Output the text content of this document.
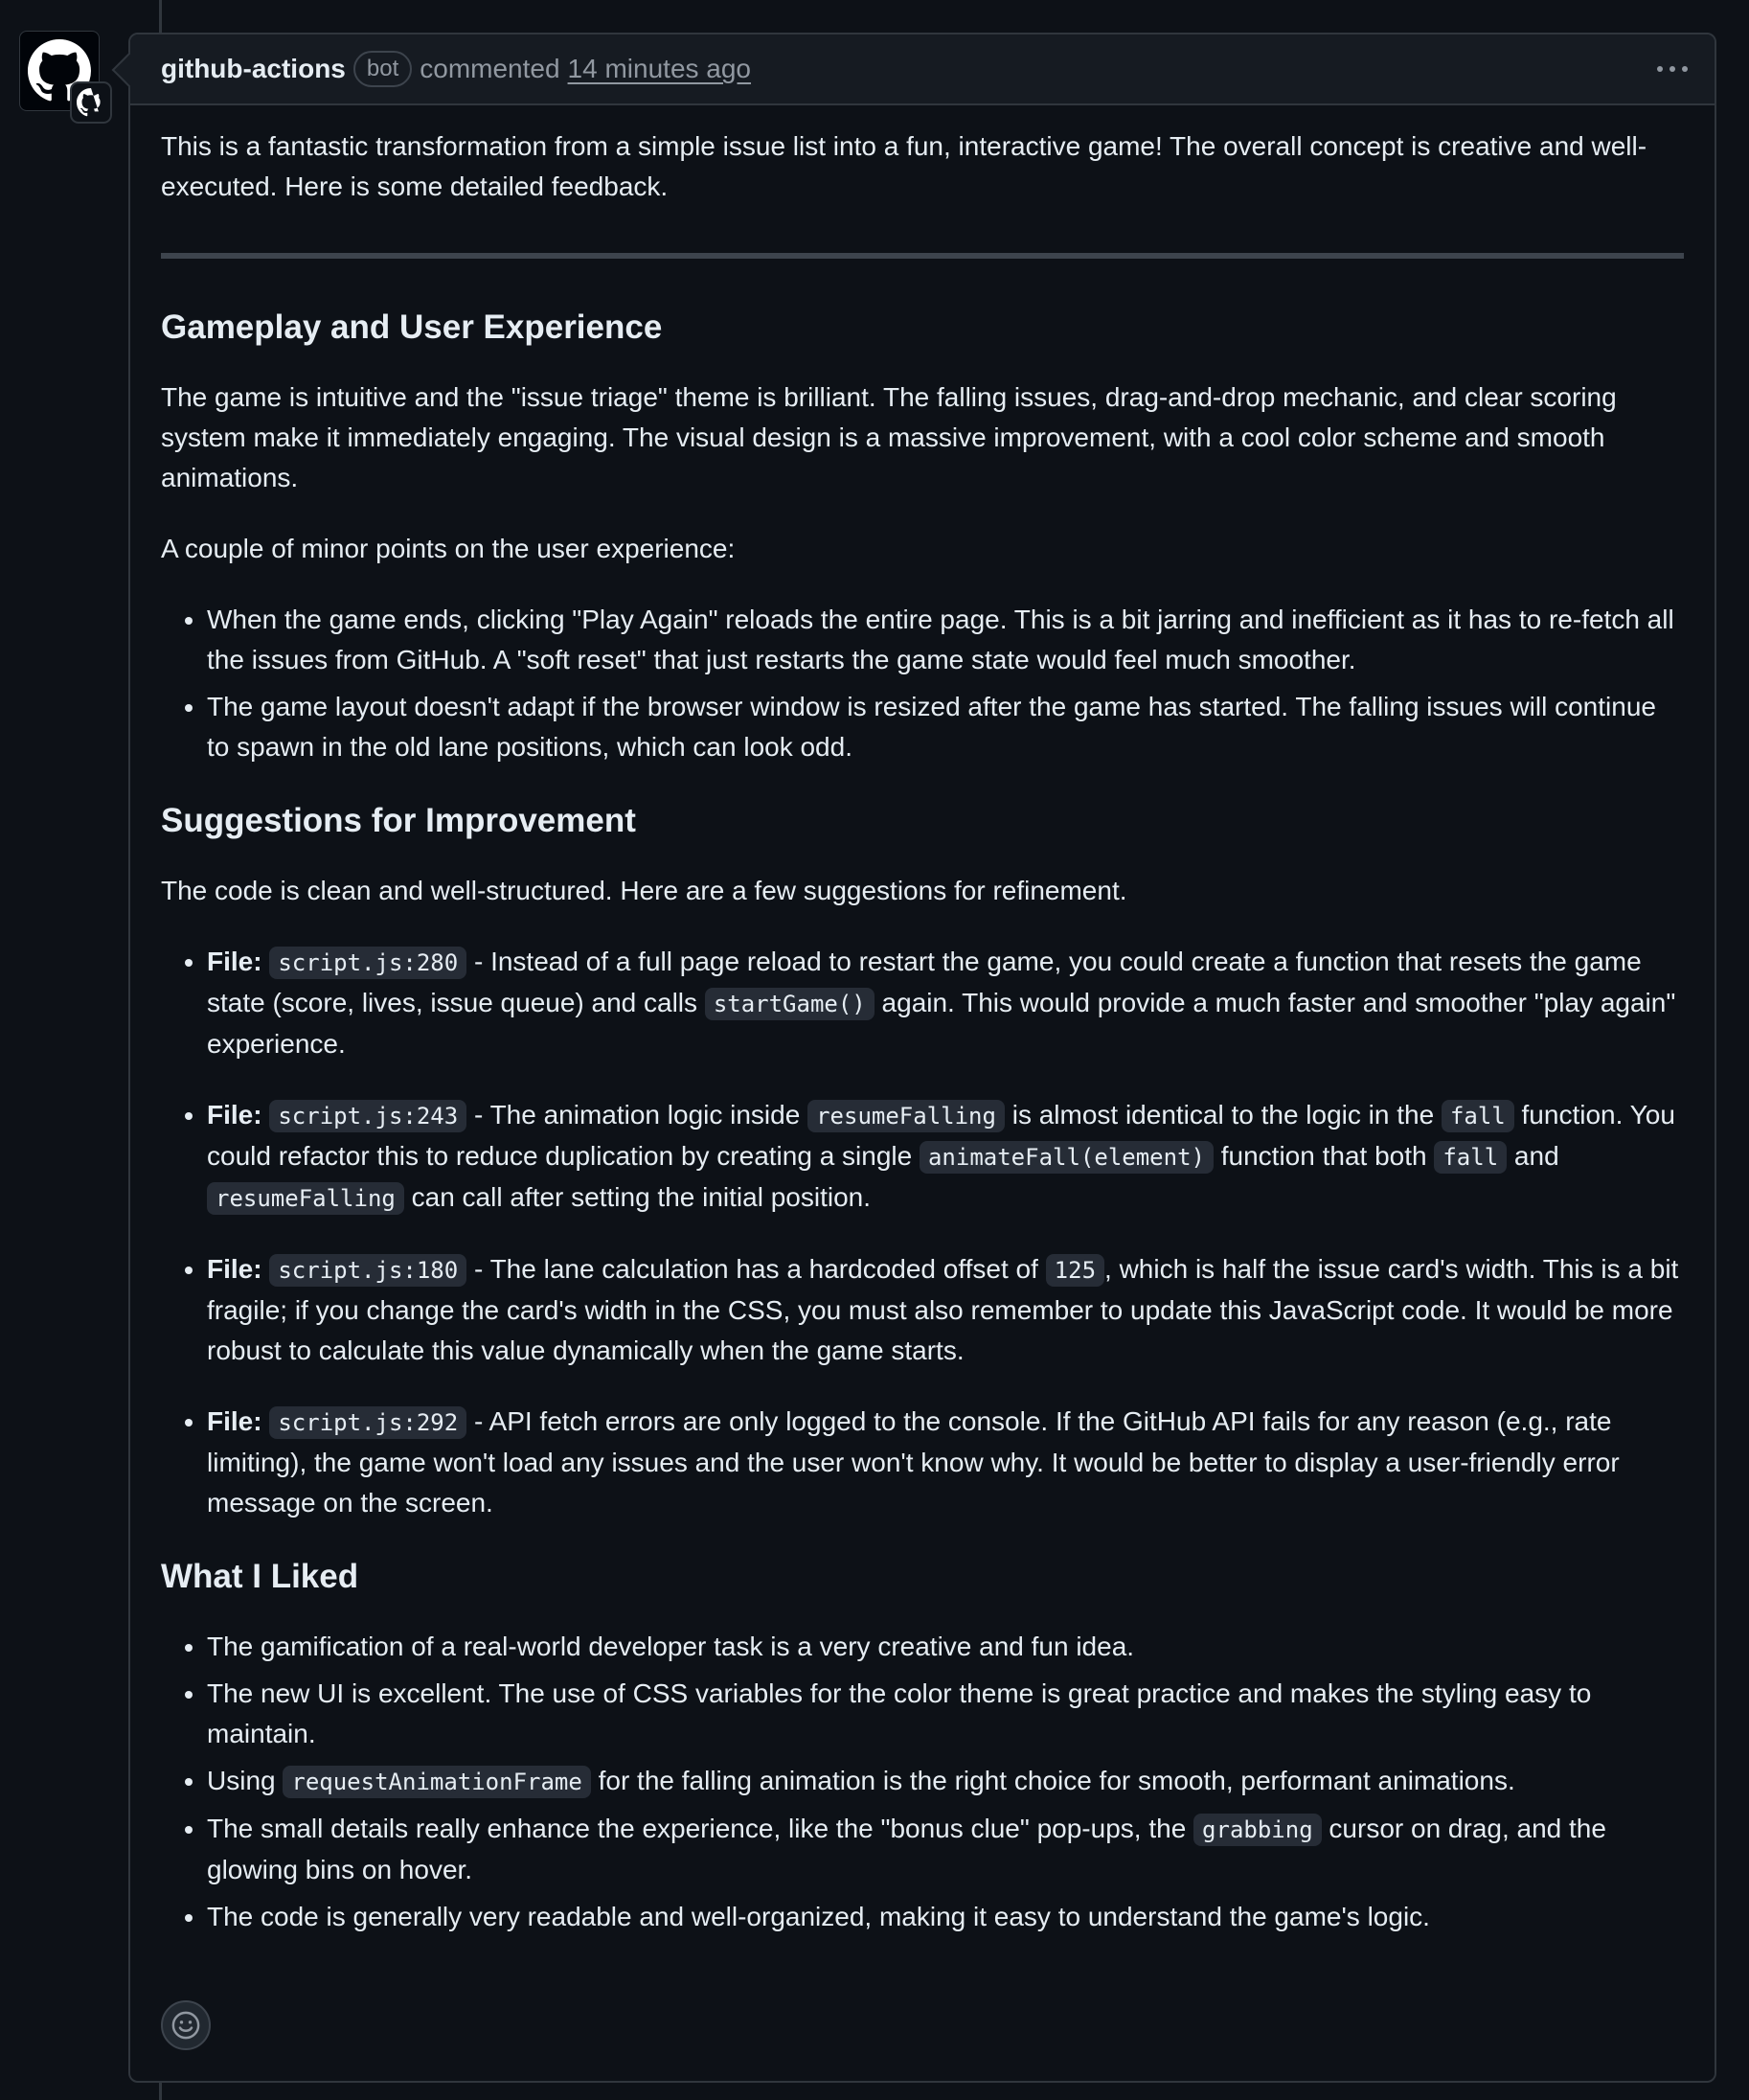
github-actions bot commented 14 minutes ago

This is a fantastic transformation from a simple issue list into a fun, interactive game! The overall concept is creative and well-executed. Here is some detailed feedback.

Gameplay and User Experience

The game is intuitive and the "issue triage" theme is brilliant. The falling issues, drag-and-drop mechanic, and clear scoring system make it immediately engaging. The visual design is a massive improvement, with a cool color scheme and smooth animations.

A couple of minor points on the user experience:

• When the game ends, clicking "Play Again" reloads the entire page. This is a bit jarring and inefficient as it has to re-fetch all the issues from GitHub. A "soft reset" that just restarts the game state would feel much smoother.
• The game layout doesn't adapt if the browser window is resized after the game has started. The falling issues will continue to spawn in the old lane positions, which can look odd.
Suggestions for Improvement

The code is clean and well-structured. Here are a few suggestions for refinement.

• File: script.js:280 - Instead of a full page reload to restart the game, you could create a function that resets the game state (score, lives, issue queue) and calls startGame() again. This would provide a much faster and smoother "play again" experience.
• File: script.js:243 - The animation logic inside resumeFalling is almost identical to the logic in the fall function. You could refactor this to reduce duplication by creating a single animateFall(element) function that both fall and resumeFalling can call after setting the initial position.
• File: script.js:180 - The lane calculation has a hardcoded offset of 125 , which is half the issue card's width. This is a bit fragile; if you change the card's width in the CSS, you must also remember to update this JavaScript code. It would be more robust to calculate this value dynamically when the game starts.
• File: script.js:292 - API fetch errors are only logged to the console. If the GitHub API fails for any reason (e.g., rate limiting), the game won't load any issues and the user won't know why. It would be better to display a user-friendly error message on the screen.
What I Liked
• The gamification of a real-world developer task is a very creative and fun idea.
• The new UI is excellent. The use of CSS variables for the color theme is great practice and makes the styling easy to maintain.
• Using requestAnimationFrame for the falling animation is the right choice for smooth, performant animations.
• The small details really enhance the experience, like the "bonus clue" pop-ups, the grabbing cursor on drag, and the glowing bins on hover.
• The code is generally very readable and well-organized, making it easy to understand the game's logic.
